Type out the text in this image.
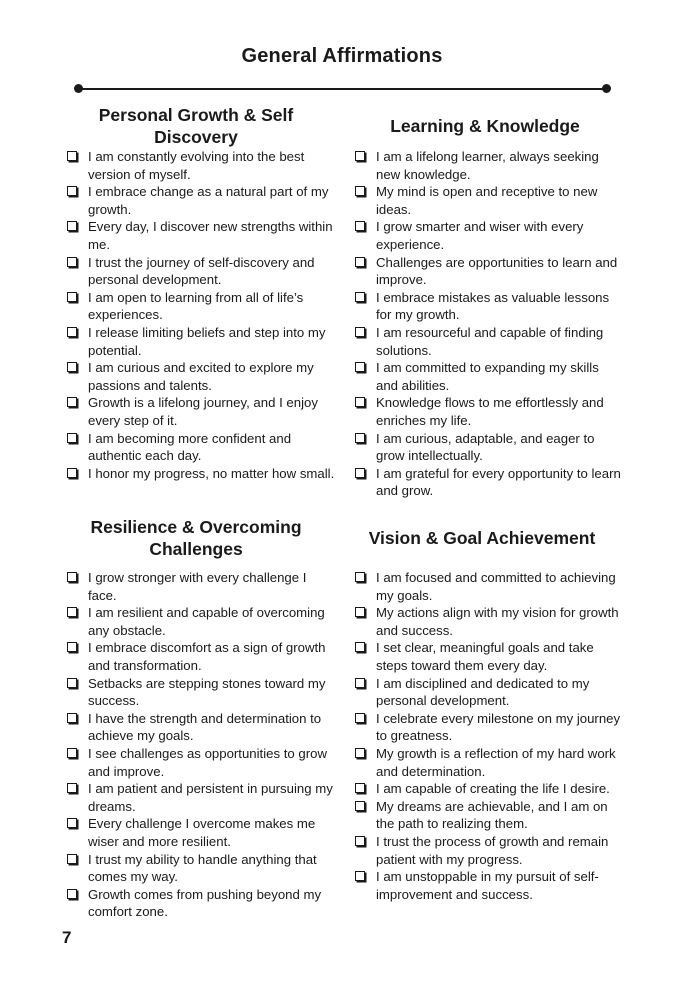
General Affirmations
Personal Growth & Self Discovery
I am constantly evolving into the best version of myself.
I embrace change as a natural part of my growth.
Every day, I discover new strengths within me.
I trust the journey of self-discovery and personal development.
I am open to learning from all of life’s experiences.
I release limiting beliefs and step into my potential.
I am curious and excited to explore my passions and talents.
Growth is a lifelong journey, and I enjoy every step of it.
I am becoming more confident and authentic each day.
I honor my progress, no matter how small.
Learning & Knowledge
I am a lifelong learner, always seeking new knowledge.
My mind is open and receptive to new ideas.
I grow smarter and wiser with every experience.
Challenges are opportunities to learn and improve.
I embrace mistakes as valuable lessons for my growth.
I am resourceful and capable of finding solutions.
I am committed to expanding my skills and abilities.
Knowledge flows to me effortlessly and enriches my life.
I am curious, adaptable, and eager to grow intellectually.
I am grateful for every opportunity to learn and grow.
Resilience & Overcoming Challenges
I grow stronger with every challenge I face.
I am resilient and capable of overcoming any obstacle.
I embrace discomfort as a sign of growth and transformation.
Setbacks are stepping stones toward my success.
I have the strength and determination to achieve my goals.
I see challenges as opportunities to grow and improve.
I am patient and persistent in pursuing my dreams.
Every challenge I overcome makes me wiser and more resilient.
I trust my ability to handle anything that comes my way.
Growth comes from pushing beyond my comfort zone.
Vision & Goal Achievement
I am focused and committed to achieving my goals.
My actions align with my vision for growth and success.
I set clear, meaningful goals and take steps toward them every day.
I am disciplined and dedicated to my personal development.
I celebrate every milestone on my journey to greatness.
My growth is a reflection of my hard work and determination.
I am capable of creating the life I desire.
My dreams are achievable, and I am on the path to realizing them.
I trust the process of growth and remain patient with my progress.
I am unstoppable in my pursuit of self-improvement and success.
7
